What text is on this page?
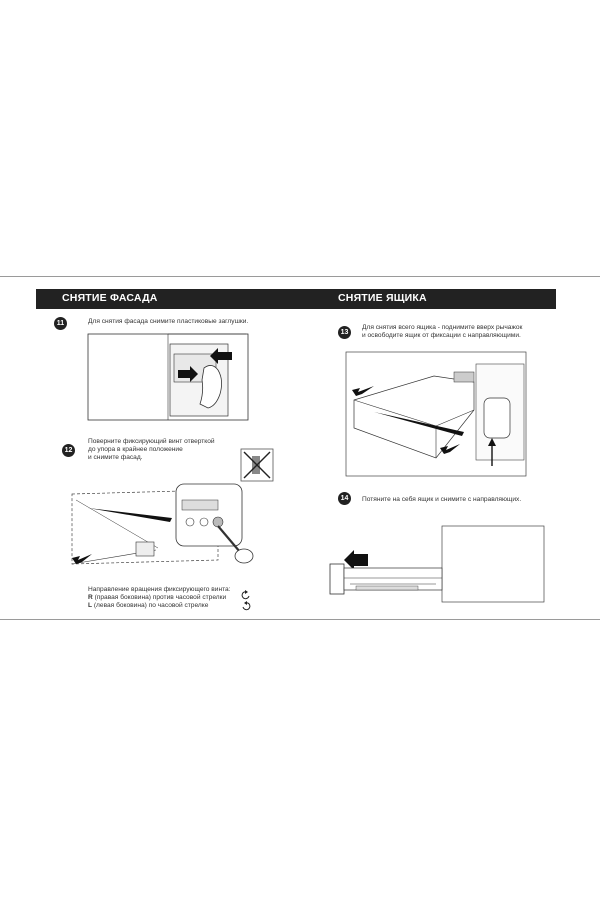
СНЯТИЕ ФАСАДА	СНЯТИЕ ЯЩИКА
11	Для снятия фасада снимите пластиковые заглушки.
12
Поверните фиксирующий винт отверткой
до упора в крайнее положение
и снимите фасад.
Направление вращения фиксирующего винта:
R (правая боковина) против часовой стрелки
L (левая боковина) по часовой стрелке
13
Для снятия всего ящика - поднимите вверх рычажок
и освободите ящик от фиксации с направляющими.
14	Потяните на себя ящик и снимите с направляющих.
